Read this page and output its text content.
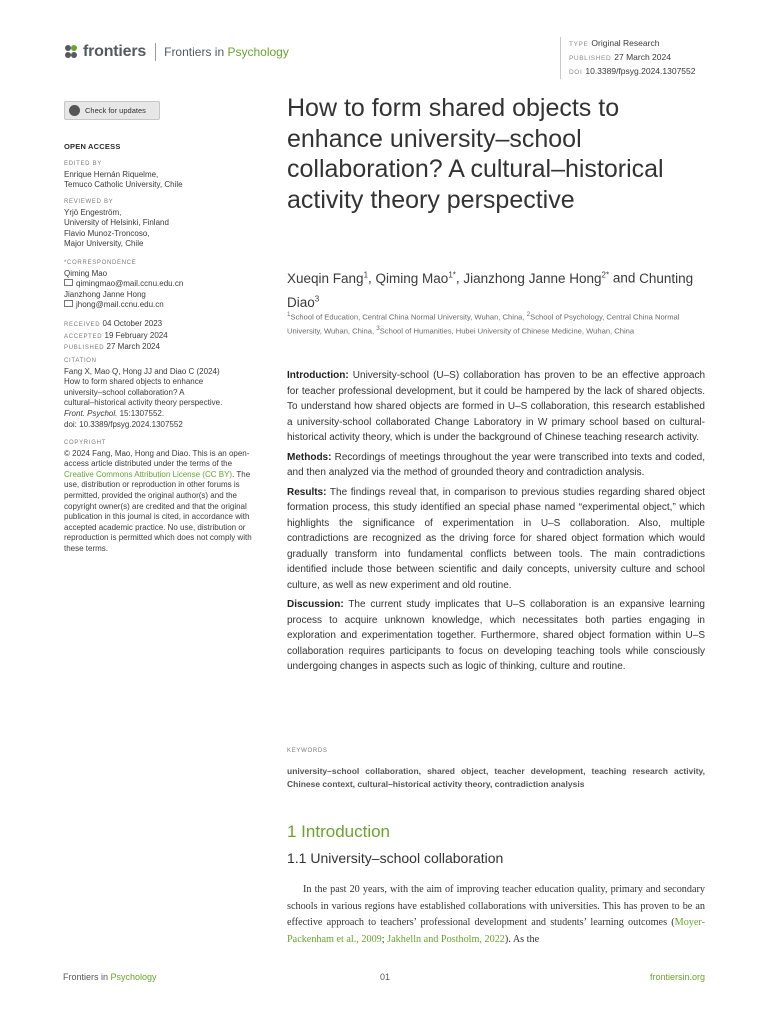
frontiers Frontiers in Psychology
TYPE Original Research
PUBLISHED 27 March 2024
DOI 10.3389/fpsyg.2024.1307552
Check for updates
OPEN ACCESS
EDITED BY
Enrique Hernán Riquelme,
Temuco Catholic University, Chile
REVIEWED BY
Yrjö Engeström,
University of Helsinki, Finland
Flavio Munoz-Troncoso,
Major University, Chile
*CORRESPONDENCE
Qiming Mao
qimingmao@mail.ccnu.edu.cn
Jianzhong Janne Hong
jhong@mail.ccnu.edu.cn
RECEIVED 04 October 2023
ACCEPTED 19 February 2024
PUBLISHED 27 March 2024
CITATION
Fang X, Mao Q, Hong JJ and Diao C (2024)
How to form shared objects to enhance
university–school collaboration? A
cultural–historical activity theory perspective.
Front. Psychol. 15:1307552.
doi: 10.3389/fpsyg.2024.1307552
COPYRIGHT
© 2024 Fang, Mao, Hong and Diao. This is an open-access article distributed under the terms of the Creative Commons Attribution License (CC BY). The use, distribution or reproduction in other forums is permitted, provided the original author(s) and the copyright owner(s) are credited and that the original publication in this journal is cited, in accordance with accepted academic practice. No use, distribution or reproduction is permitted which does not comply with these terms.
How to form shared objects to enhance university–school collaboration? A cultural–historical activity theory perspective
Xueqin Fang$^1$, Qiming Mao$^{1*}$, Jianzhong Janne Hong$^{2*}$ and Chunting Diao$^3$
$^1$School of Education, Central China Normal University, Wuhan, China, $^2$School of Psychology, Central China Normal University, Wuhan, China, $^3$School of Humanities, Hubei University of Chinese Medicine, Wuhan, China

Introduction: University-school (U–S) collaboration has proven to be an effective approach for teacher professional development, but it could be hampered by the lack of shared objects. To understand how shared objects are formed in U–S collaboration, this research established a university-school collaborated Change Laboratory in W primary school based on cultural-historical activity theory, which is under the background of Chinese teaching research activity.

Methods: Recordings of meetings throughout the year were transcribed into texts and coded, and then analyzed via the method of grounded theory and contradiction analysis.

Results: The findings reveal that, in comparison to previous studies regarding shared object formation process, this study identified an special phase named “experimental object,” which highlights the significance of experimentation in U–S collaboration. Also, multiple contradictions are recognized as the driving force for shared object formation which would gradually transform into fundamental conflicts between tools. The main contradictions identified include those between scientific and daily concepts, university culture and school culture, as well as new experiment and old routine.

Discussion: The current study implicates that U–S collaboration is an expansive learning process to acquire unknown knowledge, which necessitates both parties engaging in exploration and experimentation together. Furthermore, shared object formation within U–S collaboration requires participants to focus on developing teaching tools while consciously undergoing changes in aspects such as logic of thinking, culture and routine.

KEYWORDS
university–school collaboration, shared object, teacher development, teaching research activity, Chinese context, cultural–historical activity theory, contradiction analysis
1 Introduction
1.1 University–school collaboration
In the past 20 years, with the aim of improving teacher education quality, primary and secondary schools in various regions have established collaborations with universities. This has proven to be an effective approach to teachers’ professional development and students’ learning outcomes (Moyer-Packenham et al., 2009; Jakhelln and Postholm, 2022). As the
Frontiers in Psychology	01	frontiersin.org
